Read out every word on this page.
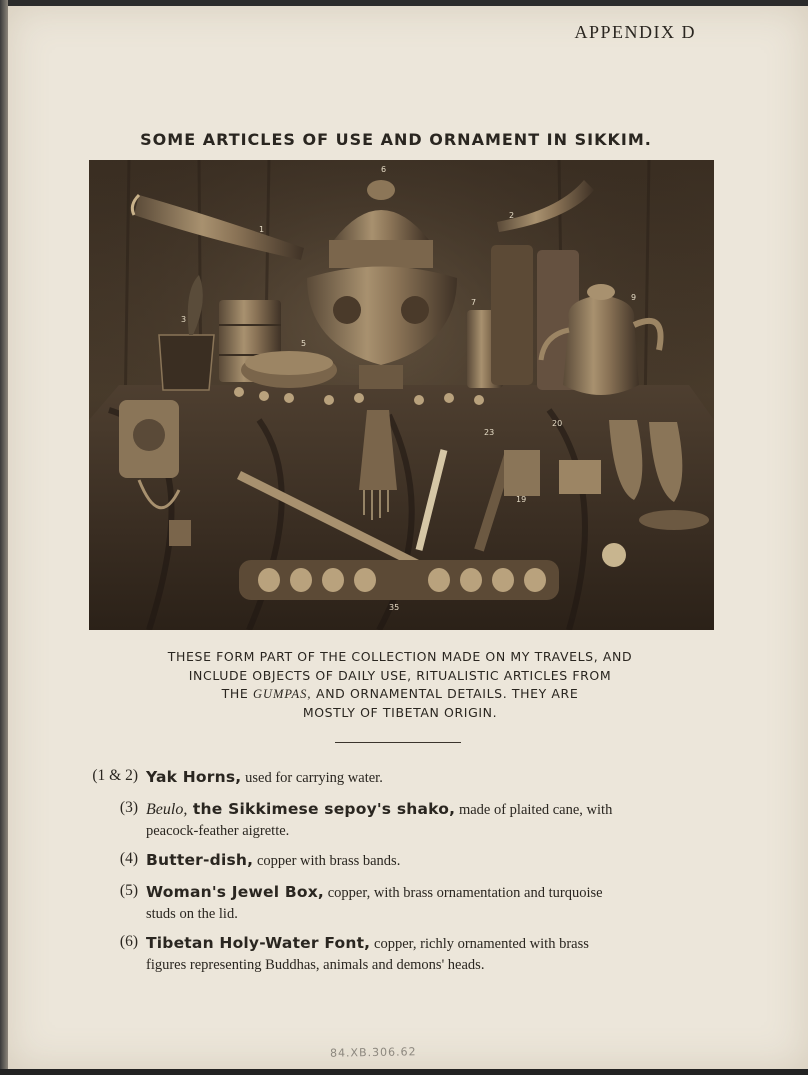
APPENDIX D
SOME ARTICLES OF USE AND ORNAMENT IN SIKKIM.
1
2
3
5
6
7
9
19
20
23
35
THESE FORM PART OF THE COLLECTION MADE ON MY TRAVELS, AND
INCLUDE OBJECTS OF DAILY USE, RITUALISTIC ARTICLES FROM
THE GUMPAS, AND ORNAMENTAL DETAILS. THEY ARE
MOSTLY OF TIBETAN ORIGIN.
(1 & 2) Yak Horns, used for carrying water.
(3) Beulo, the Sikkimese sepoy's shako, made of plaited cane, with
peacock-feather aigrette.
(4) Butter-dish, copper with brass bands.
(5) Woman's Jewel Box, copper, with brass ornamentation and turquoise
studs on the lid.
(6) Tibetan Holy-Water Font, copper, richly ornamented with brass
figures representing Buddhas, animals and demons' heads.
84.XB.306.62
